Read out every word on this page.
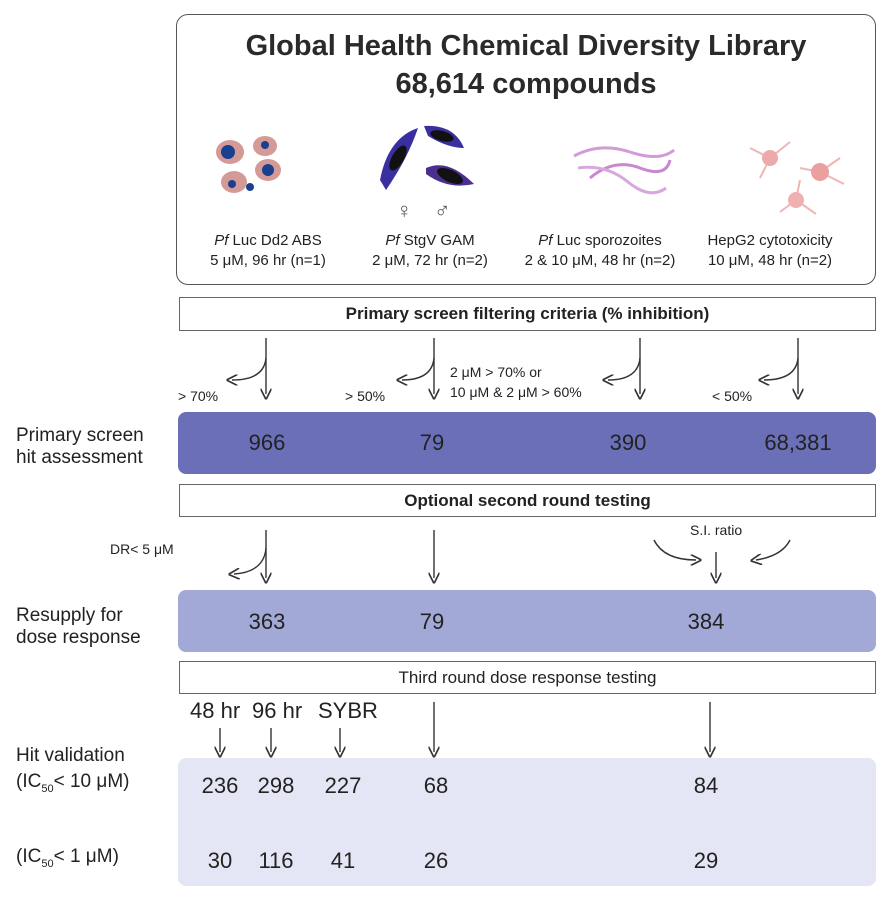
Global Health Chemical Diversity Library
68,614 compounds
♀ ♂
Pf Luc Dd2 ABS
5 μM, 96 hr (n=1)
Pf StgV GAM
2 μM, 72 hr (n=2)
Pf Luc sporozoites
2 & 10 μM, 48 hr (n=2)
HepG2 cytotoxicity
10 μM, 48 hr (n=2)
Primary screen filtering criteria (% inhibition)
> 70%	> 50%
2 μM > 70% or
10 μM & 2 μM > 60%	< 50%
Primary screen
hit assessment
966	79	390	68,381
Optional second round testing
DR< 5 μM
S.I. ratio
Resupply for
dose response
363	79	384
Third round dose response testing
48 hr 96 hr SYBR
Hit validation
($IC_{50}< 10$ μM)
($IC_{50}< 1$ μM)
236 298	227	68	84
30	116	41	26	29
